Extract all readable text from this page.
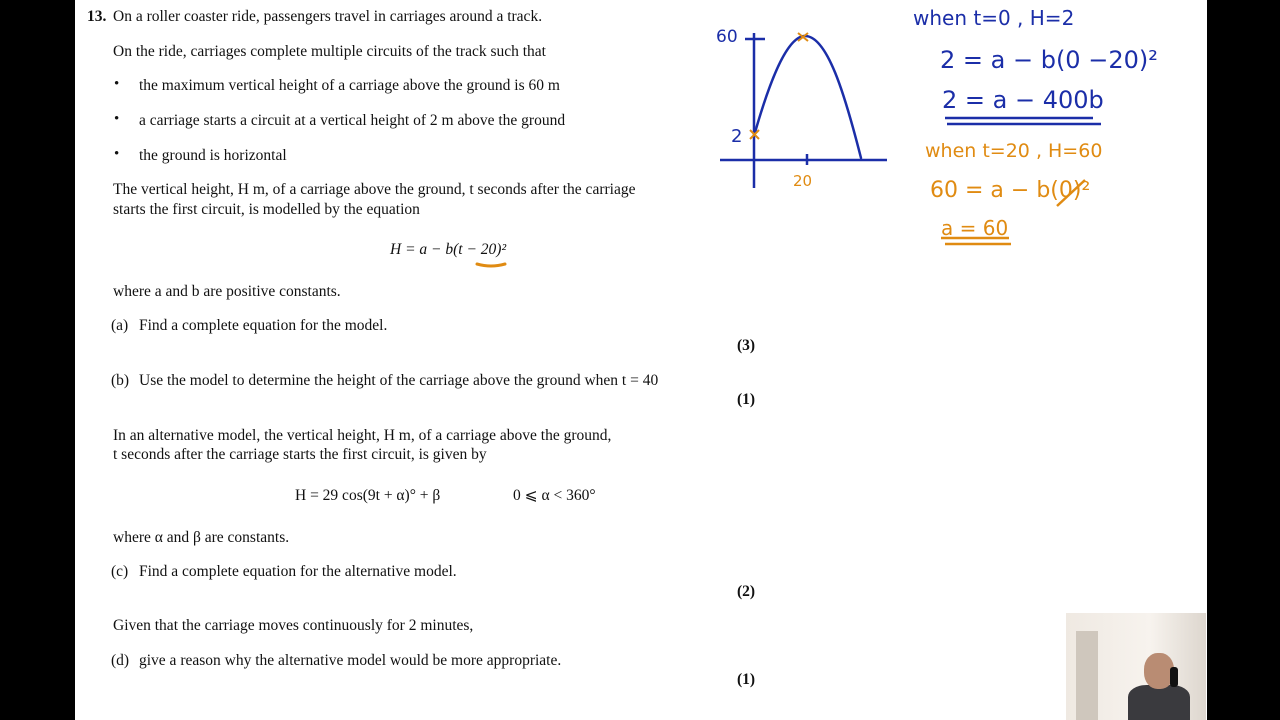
13. On a roller coaster ride, passengers travel in carriages around a track.
On the ride, carriages complete multiple circuits of the track such that
• the maximum vertical height of a carriage above the ground is 60 m
• a carriage starts a circuit at a vertical height of 2 m above the ground
• the ground is horizontal
The vertical height, H m, of a carriage above the ground, t seconds after the carriage
starts the first circuit, is modelled by the equation
H = a − b(t − 20)²
where a and b are positive constants.
(a) Find a complete equation for the model.
(3)
(b) Use the model to determine the height of the carriage above the ground when t = 40
(1)
In an alternative model, the vertical height, H m, of a carriage above the ground,
t seconds after the carriage starts the first circuit, is given by
H = 29 cos(9t + α)° + β	0 ⩽ α < 360°
where α and β are constants.
(c) Find a complete equation for the alternative model.
(2)
Given that the carriage moves continuously for 2 minutes,
(d) give a reason why the alternative model would be more appropriate.
(1)
60
2
20
when t=0 , H=2
2 = a − b(0 −20)²
2 = a − 400b
when t=20 , H=60
60 = a − b(0)²
a = 60
